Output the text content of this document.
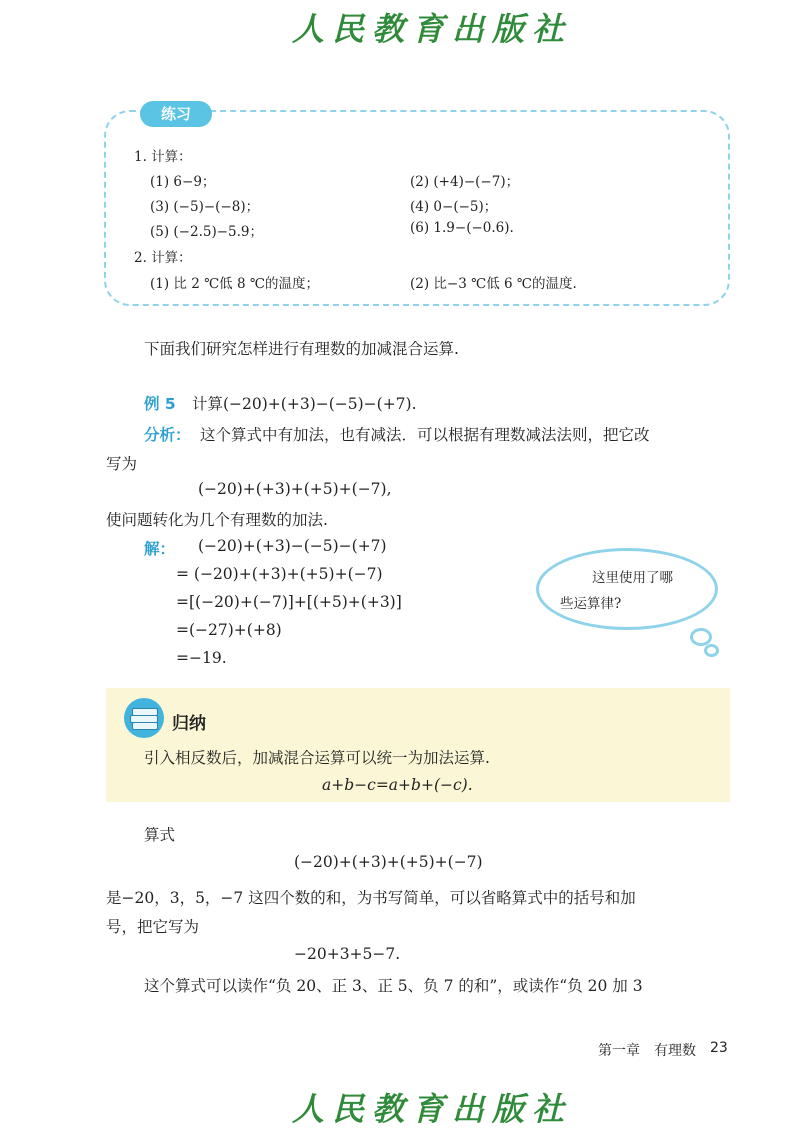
人民教育出版社
练习
1. 计算：
(1) 6−9；	(2) (+4)−(−7)；
(3) (−5)−(−8)；	(4) 0−(−5)；
(5) (−2.5)−5.9；	(6) 1.9−(−0.6).
2. 计算：
(1) 比 2 ℃低 8 ℃的温度；	(2) 比−3 ℃低 6 ℃的温度.
下面我们研究怎样进行有理数的加减混合运算.
例 5 计算(−20)+(+3)−(−5)−(+7).
分析： 这个算式中有加法，也有减法．可以根据有理数减法法则，把它改
写为
(−20)+(+3)+(+5)+(−7),
使问题转化为几个有理数的加法.
解： (−20)+(+3)−(−5)−(+7)
= (−20)+(+3)+(+5)+(−7)
=[(−20)+(−7)]+[(+5)+(+3)]
=(−27)+(+8)
=−19.
这里使用了哪
些运算律?
归纳
引入相反数后，加减混合运算可以统一为加法运算.
a+b−c=a+b+(−c).
算式
(−20)+(+3)+(+5)+(−7)
是−20，3，5，−7 这四个数的和，为书写简单，可以省略算式中的括号和加
号，把它写为
−20+3+5−7.
这个算式可以读作“负 20、正 3、正 5、负 7 的和”，或读作“负 20 加 3
第一章　有理数 23
人民教育出版社
